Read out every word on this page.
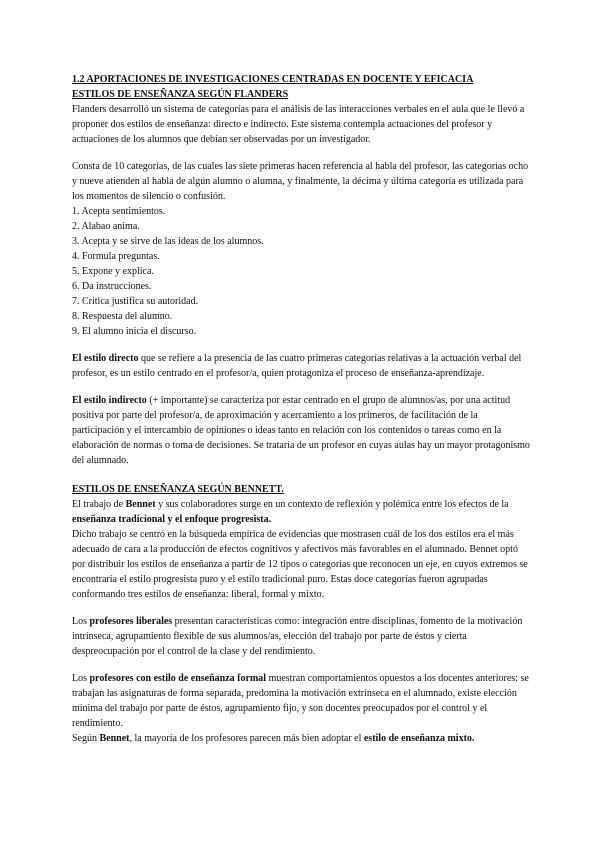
1.2 APORTACIONES DE INVESTIGACIONES CENTRADAS EN DOCENTE Y EFICACIA
ESTILOS DE ENSEÑANZA SEGÚN FLANDERS

Flanders desarrolló un sistema de categorías para el análisis de las interacciones verbales en el aula que le llevó a proponer dos estilos de enseñanza: directo e indirecto. Este sistema contempla actuaciones del profesor y actuaciones de los alumnos que debían ser observadas por un investigador.

Consta de 10 categorías, de las cuales las siete primeras hacen referencia al habla del profesor, las categorías ocho y nueve atienden al habla de algún alumno o alumna, y finalmente, la décima y última categoría es utilizada para los momentos de silencio o confusión.

1. Acepta sentimientos.
2. Alabao anima.
3. Acepta y se sirve de las ideas de los alumnos.
4. Formula preguntas.
5. Expone y explica.
6. Da instrucciones.
7. Critica justifica su autoridad.
8. Respuesta del alumno.
9. El alumno inicia el discurso.

El estilo directo que se refiere a la presencia de las cuatro primeras categorías relativas a la actuación verbal del profesor, es un estilo centrado en el profesor/a, quien protagoniza el proceso de enseñanza-aprendizaje.

El estilo indirecto (+ importante) se caracteriza por estar centrado en el grupo de alumnos/as, por una actitud positiva por parte del profesor/a, de aproximación y acercamiento a los primeros, de facilitación de la participación y el intercambio de opiniones o ideas tanto en relación con los contenidos o tareas como en la elaboración de normas o toma de decisiones. Se trataría de un profesor en cuyas aulas hay un mayor protagonismo del alumnado.

ESTILOS DE ENSEÑANZA SEGÚN BENNETT.

El trabajo de Bennet y sus colaboradores surge en un contexto de reflexión y polémica entre los efectos de la enseñanza tradicional y el enfoque progresista.

Dicho trabajo se centró en la búsqueda empírica de evidencias que mostrasen cuál de los dos estilos era el más adecuado de cara a la producción de efectos cognitivos y afectivos más favorables en el alumnado. Bennet optó por distribuir los estilos de enseñanza a partir de 12 tipos o categorías que reconocen un eje, en cuyos extremos se encontraría el estilo progresista puro y el estilo tradicional puro. Estas doce categorías fueron agrupadas conformando tres estilos de enseñanza: liberal, formal y mixto.

Los profesores liberales presentan características como: integración entre disciplinas, fomento de la motivación intrínseca, agrupamiento flexible de sus alumnos/as, elección del trabajo por parte de éstos y cierta despreocupación por el control de la clase y del rendimiento.

Los profesores con estilo de enseñanza formal muestran comportamientos opuestos a los docentes anteriores: se trabajan las asignaturas de forma separada, predomina la motivación extrínseca en el alumnado, existe elección mínima del trabajo por parte de éstos, agrupamiento fijo, y son docentes preocupados por el control y el rendimiento.

Según Bennet, la mayoría de los profesores parecen más bien adoptar el estilo de enseñanza mixto.
